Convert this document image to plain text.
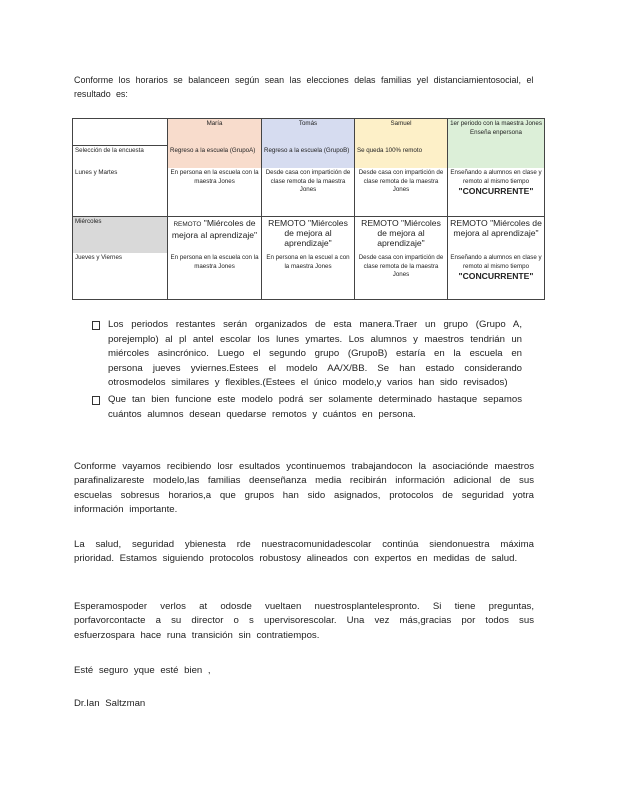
Conforme los horarios se balanceen según sean las elecciones delas familias yel distanciamientosocial, el resultado es:
	María	Tomás	Samuel	1er periodo con la maestra Jones Enseña enpersona
Selección de la encuesta	Regreso a la escuela (GrupoA)	Regreso a la escuela (GrupoB)	Se queda 100% remoto	
Lunes y Martes	En persona en la escuela con la maestra Jones	Desde casa con impartición de clase remota de la maestra Jones	Desde casa con impartición de clase remota de la maestra Jones	Enseñando a alumnos en clase y remoto al mismo tiempo
"CONCURRENTE"

Miércoles	REMOTO "Miércoles de mejora al aprendizaje"	REMOTO "Miércoles de mejora al aprendizaje"	REMOTO "Miércoles de mejora al aprendizaje"	REMOTO "Miércoles de mejora al aprendizaje"
Jueves y Viernes	En persona en la escuela con la maestra Jones	En persona en la escuel a con la maestra Jones	Desde casa con impartición de clase remota de la maestra Jones	Enseñando a alumnos en clase y remoto al mismo tiempo
"CONCURRENTE"
Los periodos restantes serán organizados de esta manera.Traer un grupo (Grupo A, porejemplo) al pl antel escolar los lunes ymartes. Los alumnos y maestros tendrián un miércoles asincrónico. Luego el segundo grupo (GrupoB) estaría en la escuela en persona jueves yviernes.Estees el modelo AA/X/BB. Se han estado considerando otrosmodelos similares y flexibles.(Estees el único modelo,y varios han sido revisados)
Que tan bien funcione este modelo podrá ser solamente determinado hastaque sepamos cuántos alumnos desean quedarse remotos y cuántos en persona.
Conforme vayamos recibiendo losr esultados ycontinuemos trabajandocon la asociaciónde maestros parafinalizareste modelo,las familias deenseñanza media recibirán información adicional de sus escuelas sobresus horarios,a que grupos han sido asignados, protocolos de seguridad yotra información importante.
La salud, seguridad ybienesta rde nuestracomunidadescolar continúa siendonuestra máxima prioridad. Estamos siguiendo protocolos robustosy alineados con expertos en medidas de salud.
Esperamospoder verlos at odosde vueltaen nuestrosplantelespronto. Si tiene preguntas, porfavorcontacte a su director o s upervisorescolar. Una vez más,gracias por todos sus esfuerzospara hace runa transición sin contratiempos.
Esté seguro yque esté bien ,
Dr.Ian Saltzman
